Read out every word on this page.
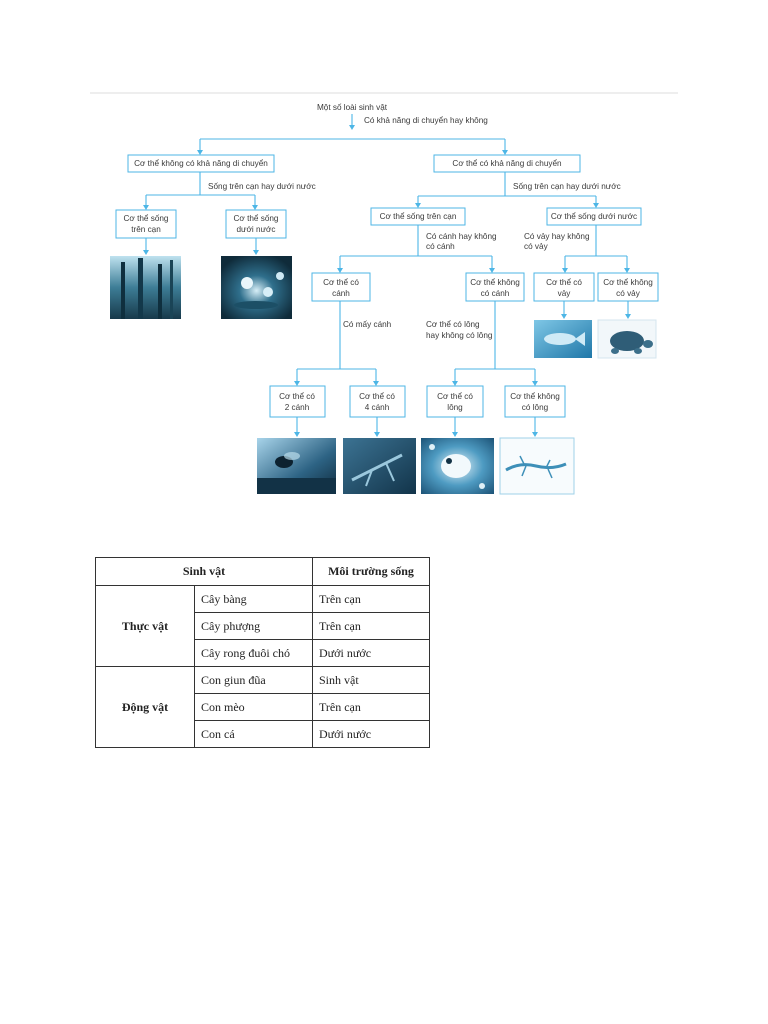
Một số loài sinh vật
Có khả năng di chuyển hay không
Cơ thể không có khả năng di chuyển	Cơ thể có khả năng di chuyển
Sống trên cạn hay dưới nước
Cơ thể sống
trên cạn
Cơ thể sống
dưới nước
Sống trên cạn hay dưới nước
Cơ thể sống trên cạn	Cơ thể sống dưới nước
Có cánh hay không
có cánh
Cơ thể có
cánh
Cơ thể không
có cánh
Có vảy hay không
có vảy
Cơ thể có
vảy
Cơ thể không
có vảy
Có mấy cánh
Cơ thể có
2 cánh
Cơ thể có
4 cánh
Cơ thể có lông
hay không có lông
Cơ thể có
lông
Cơ thể không
có lông
Sinh vật		Môi trường sống
Thực vật	Cây bàng	Trên cạn
	Cây phượng	Trên cạn
	Cây rong đuôi chó	Dưới nước
Động vật	Con giun đũa	Sinh vật
	Con mèo	Trên cạn
	Con cá	Dưới nước
